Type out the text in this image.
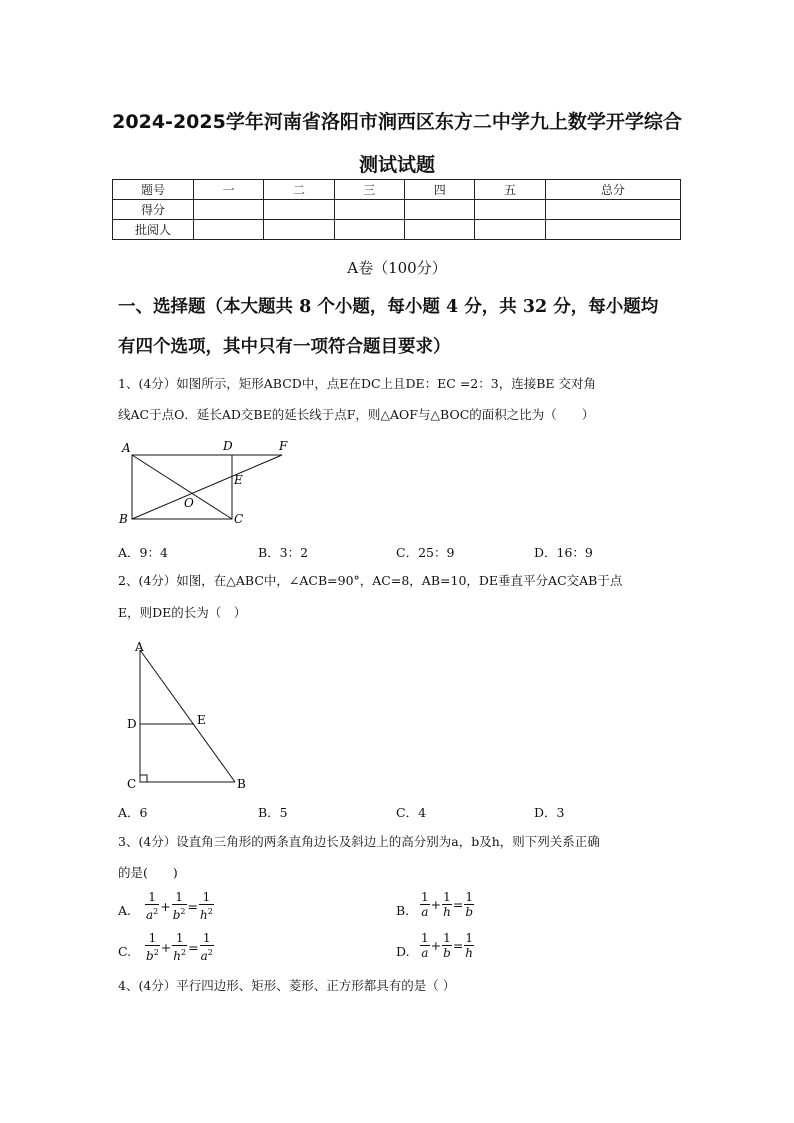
2024-2025学年河南省洛阳市涧西区东方二中学九上数学开学综合
测试试题
题号	一	二	三	四	五	总分
得分						
批阅人						
A卷（100分）
一、选择题（本大题共 8 个小题，每小题 4 分，共 32 分，每小题均
有四个选项，其中只有一项符合题目要求）
1、(4分）如图所示，矩形ABCD中，点E在DC上且DE：EC =2：3，连接BE 交对角
线AC于点O．延长AD交BE的延长线于点F，则△AOF与△BOC的面积之比为（　　）
A	D	F
E
O
B	C
A．9：4	B．3：2	C．25：9	D．16：9
2、(4分）如图，在△ABC中，∠ACB=90°，AC=8，AB=10，DE垂直平分AC交AB于点
E，则DE的长为（　）
A
D	E
C	B
A．6	B．5	C．4	D．3
3、(4分）设直角三角形的两条直角边长及斜边上的高分别为a，b及h，则下列关系正确
的是(　　)
A. $\frac{1}{a^2} + \frac{1}{b^2} = \frac{1}{h^2}$	B. $\frac{1}{a} + \frac{1}{h} = \frac{1}{b}$
C. $\frac{1}{b^2} + \frac{1}{h^2} = \frac{1}{a^2}$	D. $\frac{1}{a} + \frac{1}{b} = \frac{1}{h}$
4、(4分）平行四边形、矩形、菱形、正方形都具有的是（ ）
